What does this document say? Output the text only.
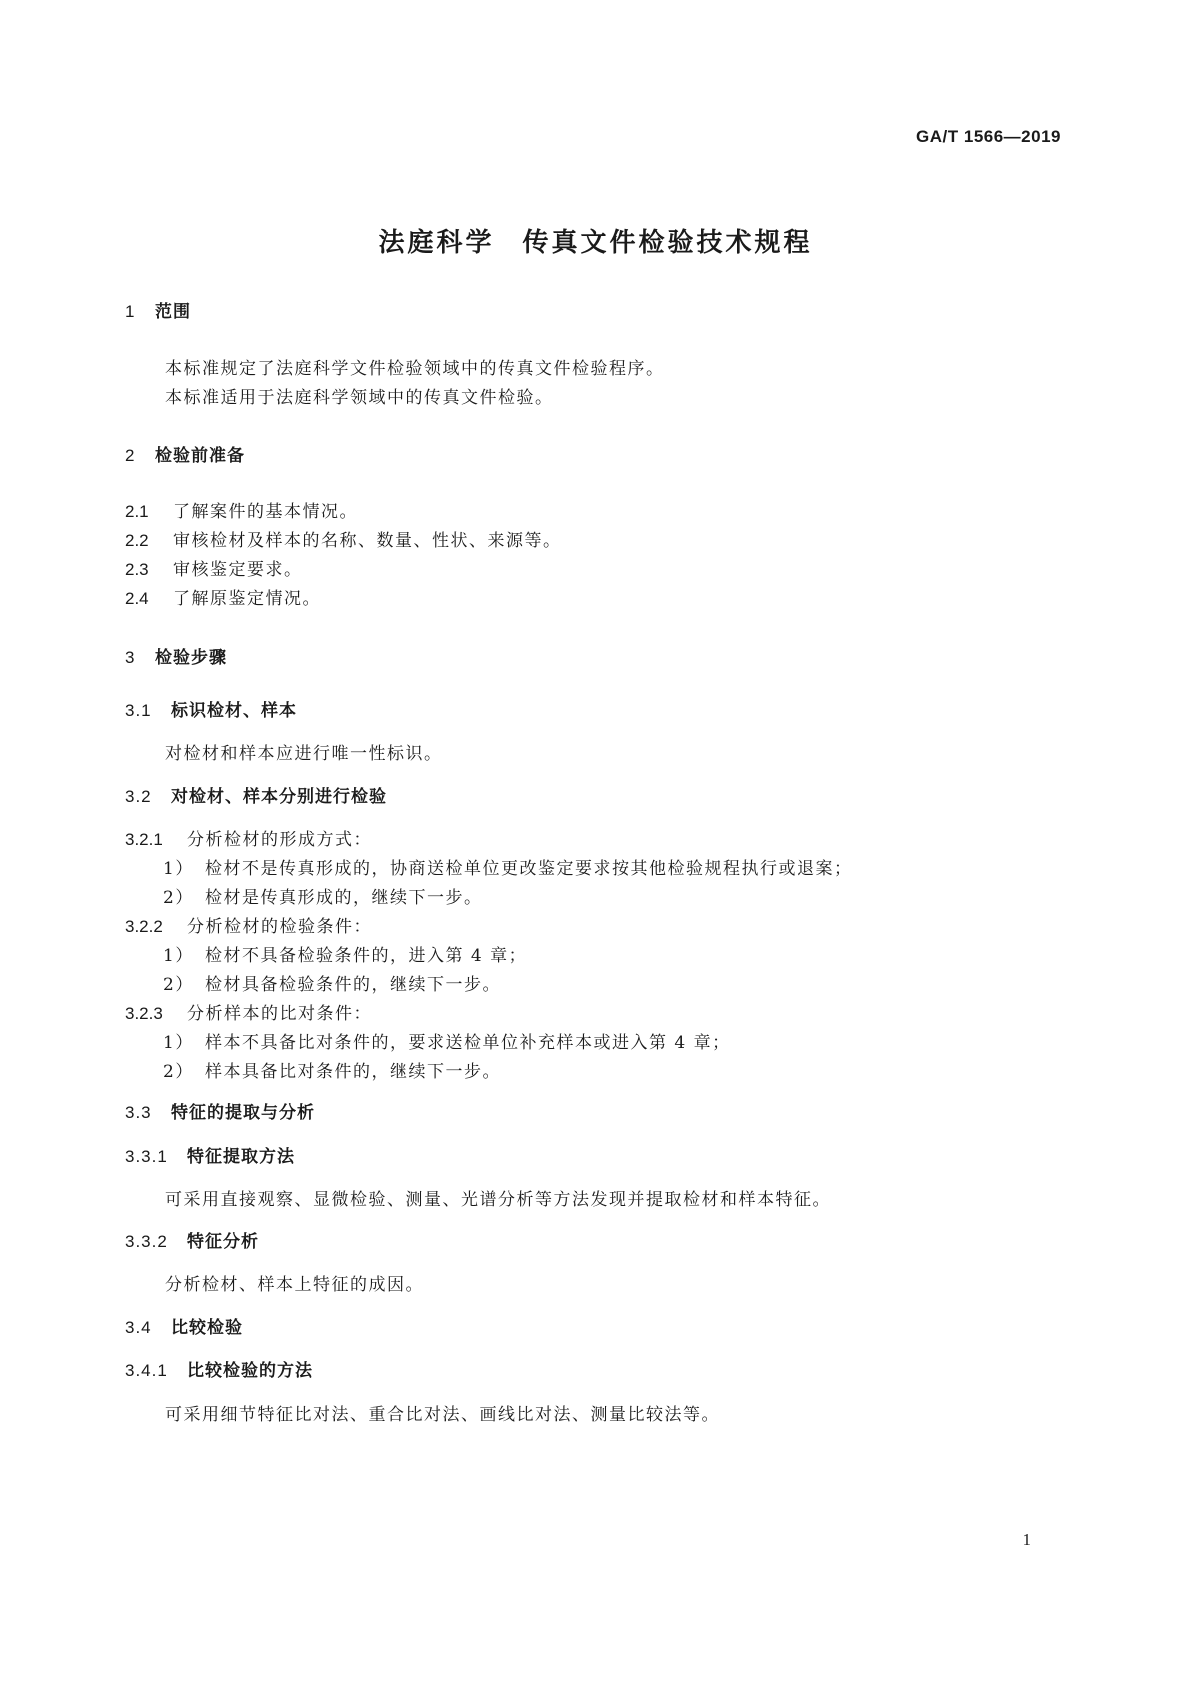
GA/T 1566—2019
法庭科学 传真文件检验技术规程
1 范围
本标准规定了法庭科学文件检验领域中的传真文件检验程序。
本标准适用于法庭科学领域中的传真文件检验。
2 检验前准备
2.1 了解案件的基本情况。
2.2 审核检材及样本的名称、数量、性状、来源等。
2.3 审核鉴定要求。
2.4 了解原鉴定情况。
3 检验步骤
3.1 标识检材、样本
对检材和样本应进行唯一性标识。
3.2 对检材、样本分别进行检验
3.2.1 分析检材的形成方式：
1） 检材不是传真形成的，协商送检单位更改鉴定要求按其他检验规程执行或退案；
2） 检材是传真形成的，继续下一步。
3.2.2 分析检材的检验条件：
1） 检材不具备检验条件的，进入第 4 章；
2） 检材具备检验条件的，继续下一步。
3.2.3 分析样本的比对条件：
1） 样本不具备比对条件的，要求送检单位补充样本或进入第 4 章；
2） 样本具备比对条件的，继续下一步。
3.3 特征的提取与分析
3.3.1 特征提取方法
可采用直接观察、显微检验、测量、光谱分析等方法发现并提取检材和样本特征。
3.3.2 特征分析
分析检材、样本上特征的成因。
3.4 比较检验
3.4.1 比较检验的方法
可采用细节特征比对法、重合比对法、画线比对法、测量比较法等。
1
